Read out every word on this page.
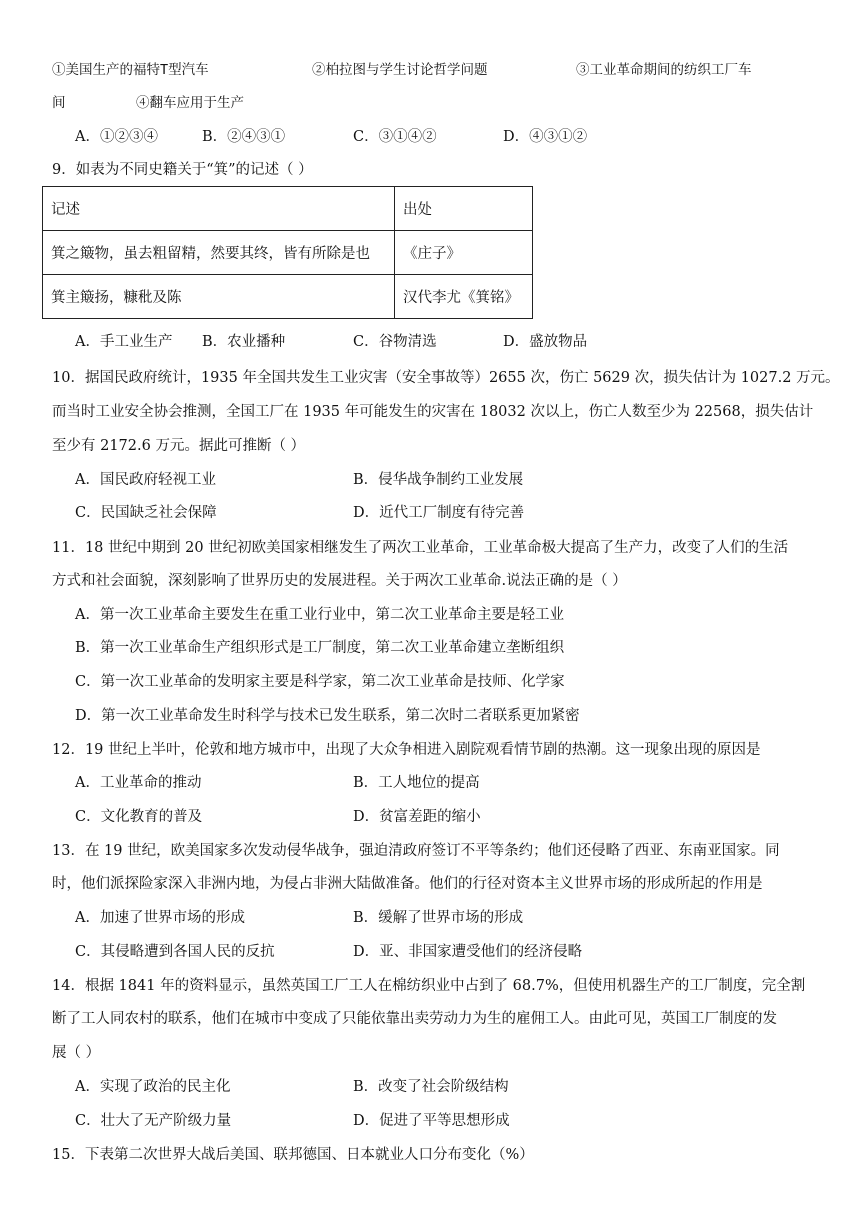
①美国生产的福特T型汽车	②柏拉图与学生讨论哲学问题	③工业革命期间的纺织工厂车
间	④翻车应用于生产
A．①②③④	B．②④③①	C．③①④②	D．④③①②
9．如表为不同史籍关于“箕”的记述（ ）
记述	出处
箕之簸物，虽去粗留精，然要其终，皆有所除是也	《庄子》
箕主簸扬，糠秕及陈	汉代李尤《箕铭》
A．手工业生产 B．农业播种	C．谷物清选	D．盛放物品
10．据国民政府统计，1935 年全国共发生工业灾害（安全事故等）2655 次，伤亡 5629 次，损失估计为 1027.2 万元。
而当时工业安全协会推测，全国工厂在 1935 年可能发生的灾害在 18032 次以上，伤亡人数至少为 22568，损失估计
至少有 2172.6 万元。据此可推断（ ）
A．国民政府轻视工业	B．侵华战争制约工业发展
C．民国缺乏社会保障	D．近代工厂制度有待完善
11．18 世纪中期到 20 世纪初欧美国家相继发生了两次工业革命，工业革命极大提高了生产力，改变了人们的生活
方式和社会面貌，深刻影响了世界历史的发展进程。关于两次工业革命.说法正确的是（ ）
A．第一次工业革命主要发生在重工业行业中，第二次工业革命主要是轻工业
B．第一次工业革命生产组织形式是工厂制度，第二次工业革命建立垄断组织
C．第一次工业革命的发明家主要是科学家，第二次工业革命是技师、化学家
D．第一次工业革命发生时科学与技术已发生联系，第二次时二者联系更加紧密
12．19 世纪上半叶，伦敦和地方城市中，出现了大众争相进入剧院观看情节剧的热潮。这一现象出现的原因是
A．工业革命的推动	B．工人地位的提高
C．文化教育的普及	D．贫富差距的缩小
13．在 19 世纪，欧美国家多次发动侵华战争，强迫清政府签订不平等条约；他们还侵略了西亚、东南亚国家。同
时，他们派探险家深入非洲内地，为侵占非洲大陆做准备。他们的行径对资本主义世界市场的形成所起的作用是
A．加速了世界市场的形成	B．缓解了世界市场的形成
C．其侵略遭到各国人民的反抗	D．亚、非国家遭受他们的经济侵略
14．根据 1841 年的资料显示，虽然英国工厂工人在棉纺织业中占到了 68.7%，但使用机器生产的工厂制度，完全割
断了工人同农村的联系，他们在城市中变成了只能依靠出卖劳动力为生的雇佣工人。由此可见，英国工厂制度的发
展（ ）
A．实现了政治的民主化	B．改变了社会阶级结构
C．壮大了无产阶级力量	D．促进了平等思想形成
15．下表第二次世界大战后美国、联邦德国、日本就业人口分布变化（%）
